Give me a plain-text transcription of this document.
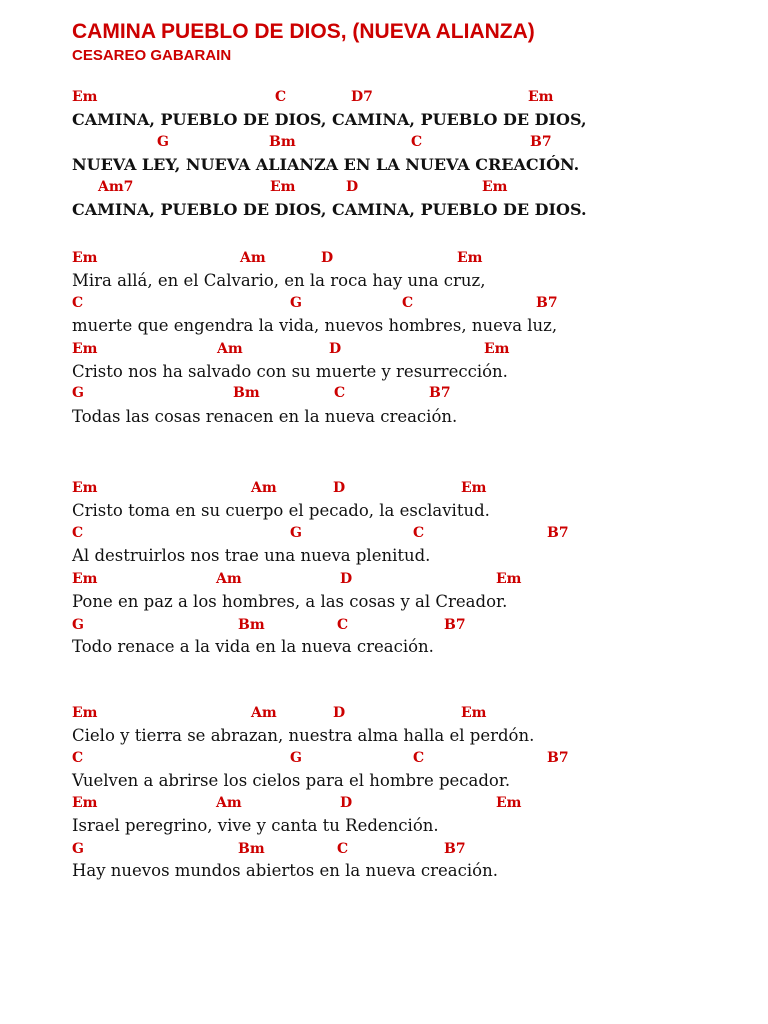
CAMINA PUEBLO DE DIOS, (NUEVA ALIANZA)
CESAREO GABARAIN
Em	C	D7	Em
CAMINA, PUEBLO DE DIOS, CAMINA, PUEBLO DE DIOS,
G	Bm	C	B7
NUEVA LEY, NUEVA ALIANZA EN LA NUEVA CREACIÓN.
Am7	Em	D	Em
CAMINA, PUEBLO DE DIOS, CAMINA, PUEBLO DE DIOS.
Em	Am	D	Em
Mira allá, en el Calvario, en la roca hay una cruz,
C	G	C	B7
muerte que engendra la vida, nuevos hombres, nueva luz,
Em	Am	D	Em
Cristo nos ha salvado con su muerte y resurrección.
G	Bm	C	B7
Todas las cosas renacen en la nueva creación.
Em	Am	D	Em
Cristo toma en su cuerpo el pecado, la esclavitud.
C	G	C	B7
Al destruirlos nos trae una nueva plenitud.
Em	Am	D	Em
Pone en paz a los hombres, a las cosas y al Creador.
G	Bm	C	B7
Todo renace a la vida en la nueva creación.
Em	Am	D	Em
Cielo y tierra se abrazan, nuestra alma halla el perdón.
C	G	C	B7
Vuelven a abrirse los cielos para el hombre pecador.
Em	Am	D	Em
Israel peregrino, vive y canta tu Redención.
G	Bm	C	B7
Hay nuevos mundos abiertos en la nueva creación.
